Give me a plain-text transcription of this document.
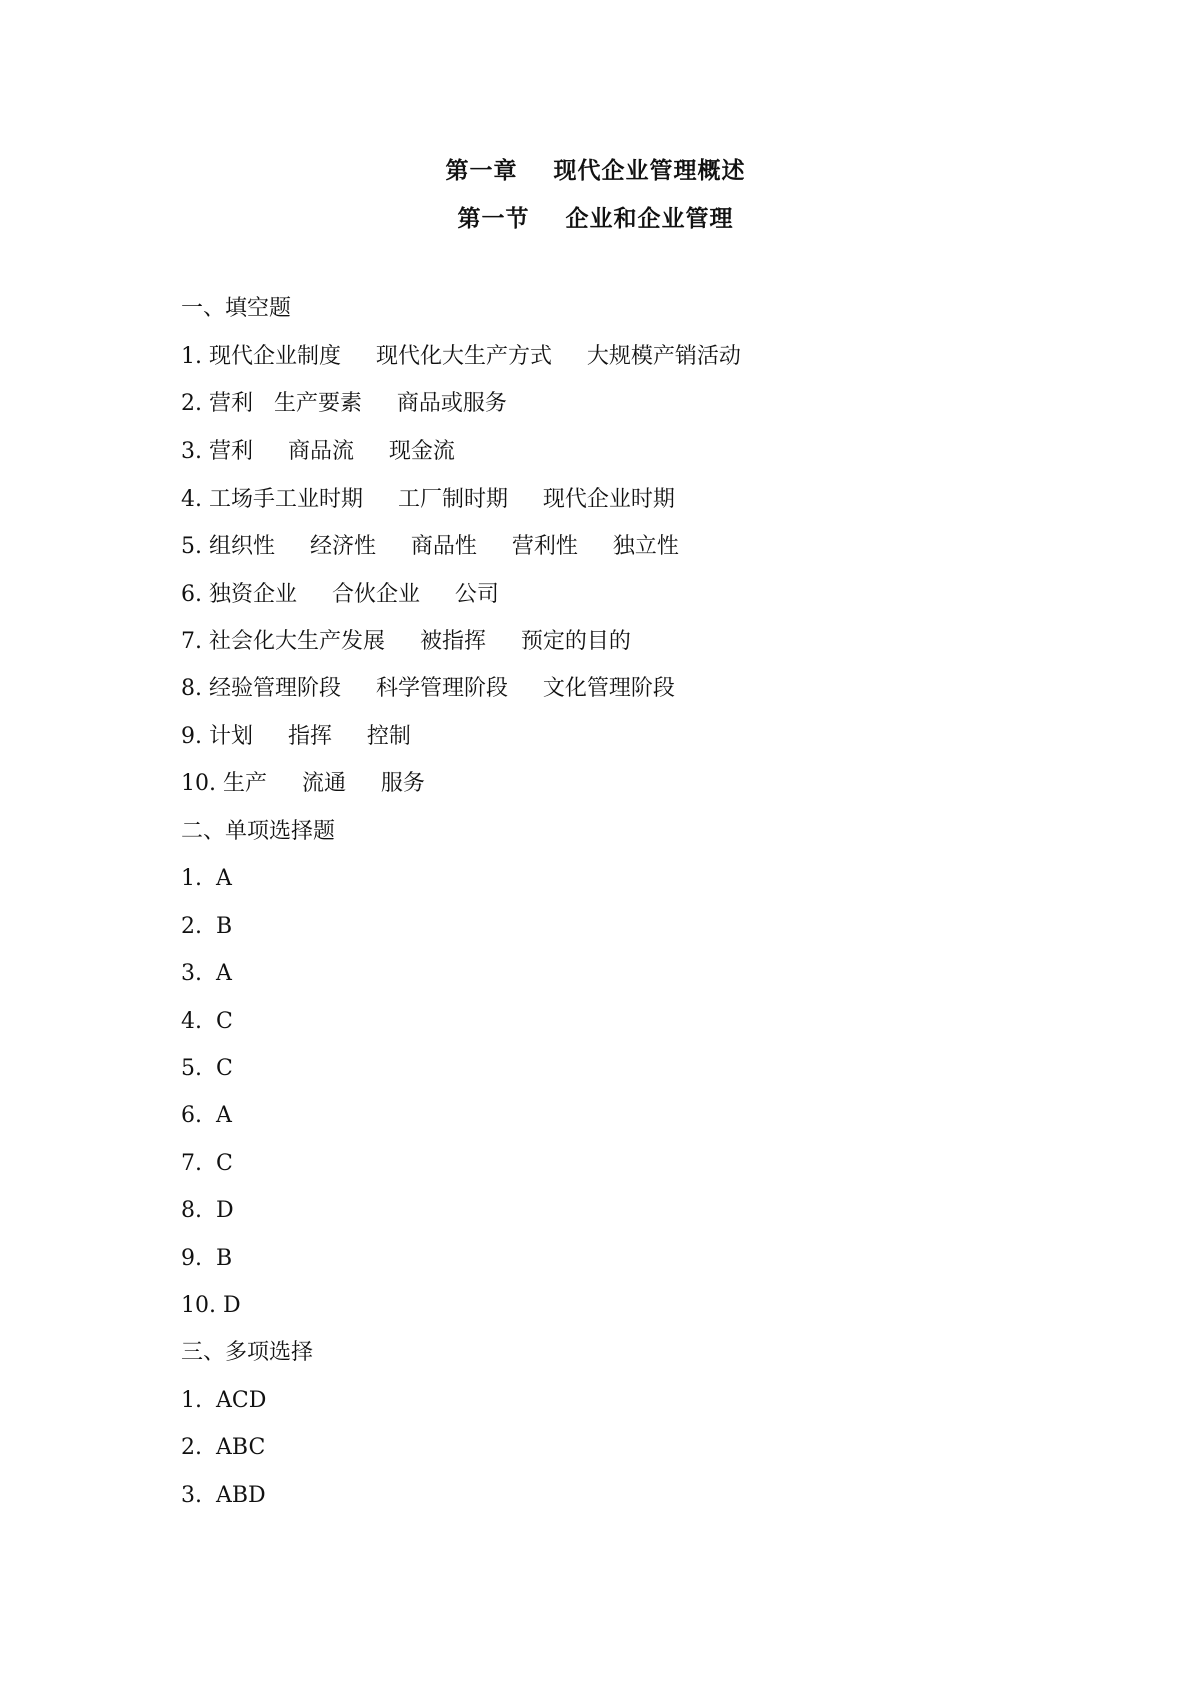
第一章    现代企业管理概述
第一节    企业和企业管理
一、填空题
1. 现代企业制度     现代化大生产方式     大规模产销活动
2. 营利   生产要素     商品或服务
3. 营利     商品流     现金流
4. 工场手工业时期     工厂制时期     现代企业时期
5. 组织性     经济性     商品性     营利性     独立性
6. 独资企业     合伙企业     公司
7. 社会化大生产发展     被指挥     预定的目的
8. 经验管理阶段     科学管理阶段     文化管理阶段
9. 计划     指挥     控制
10. 生产     流通     服务
二、单项选择题
1.  A
2.  B
3.  A
4.  C
5.  C
6.  A
7.  C
8.  D
9.  B
10. D
三、多项选择
1.  ACD
2.  ABC
3.  ABD
